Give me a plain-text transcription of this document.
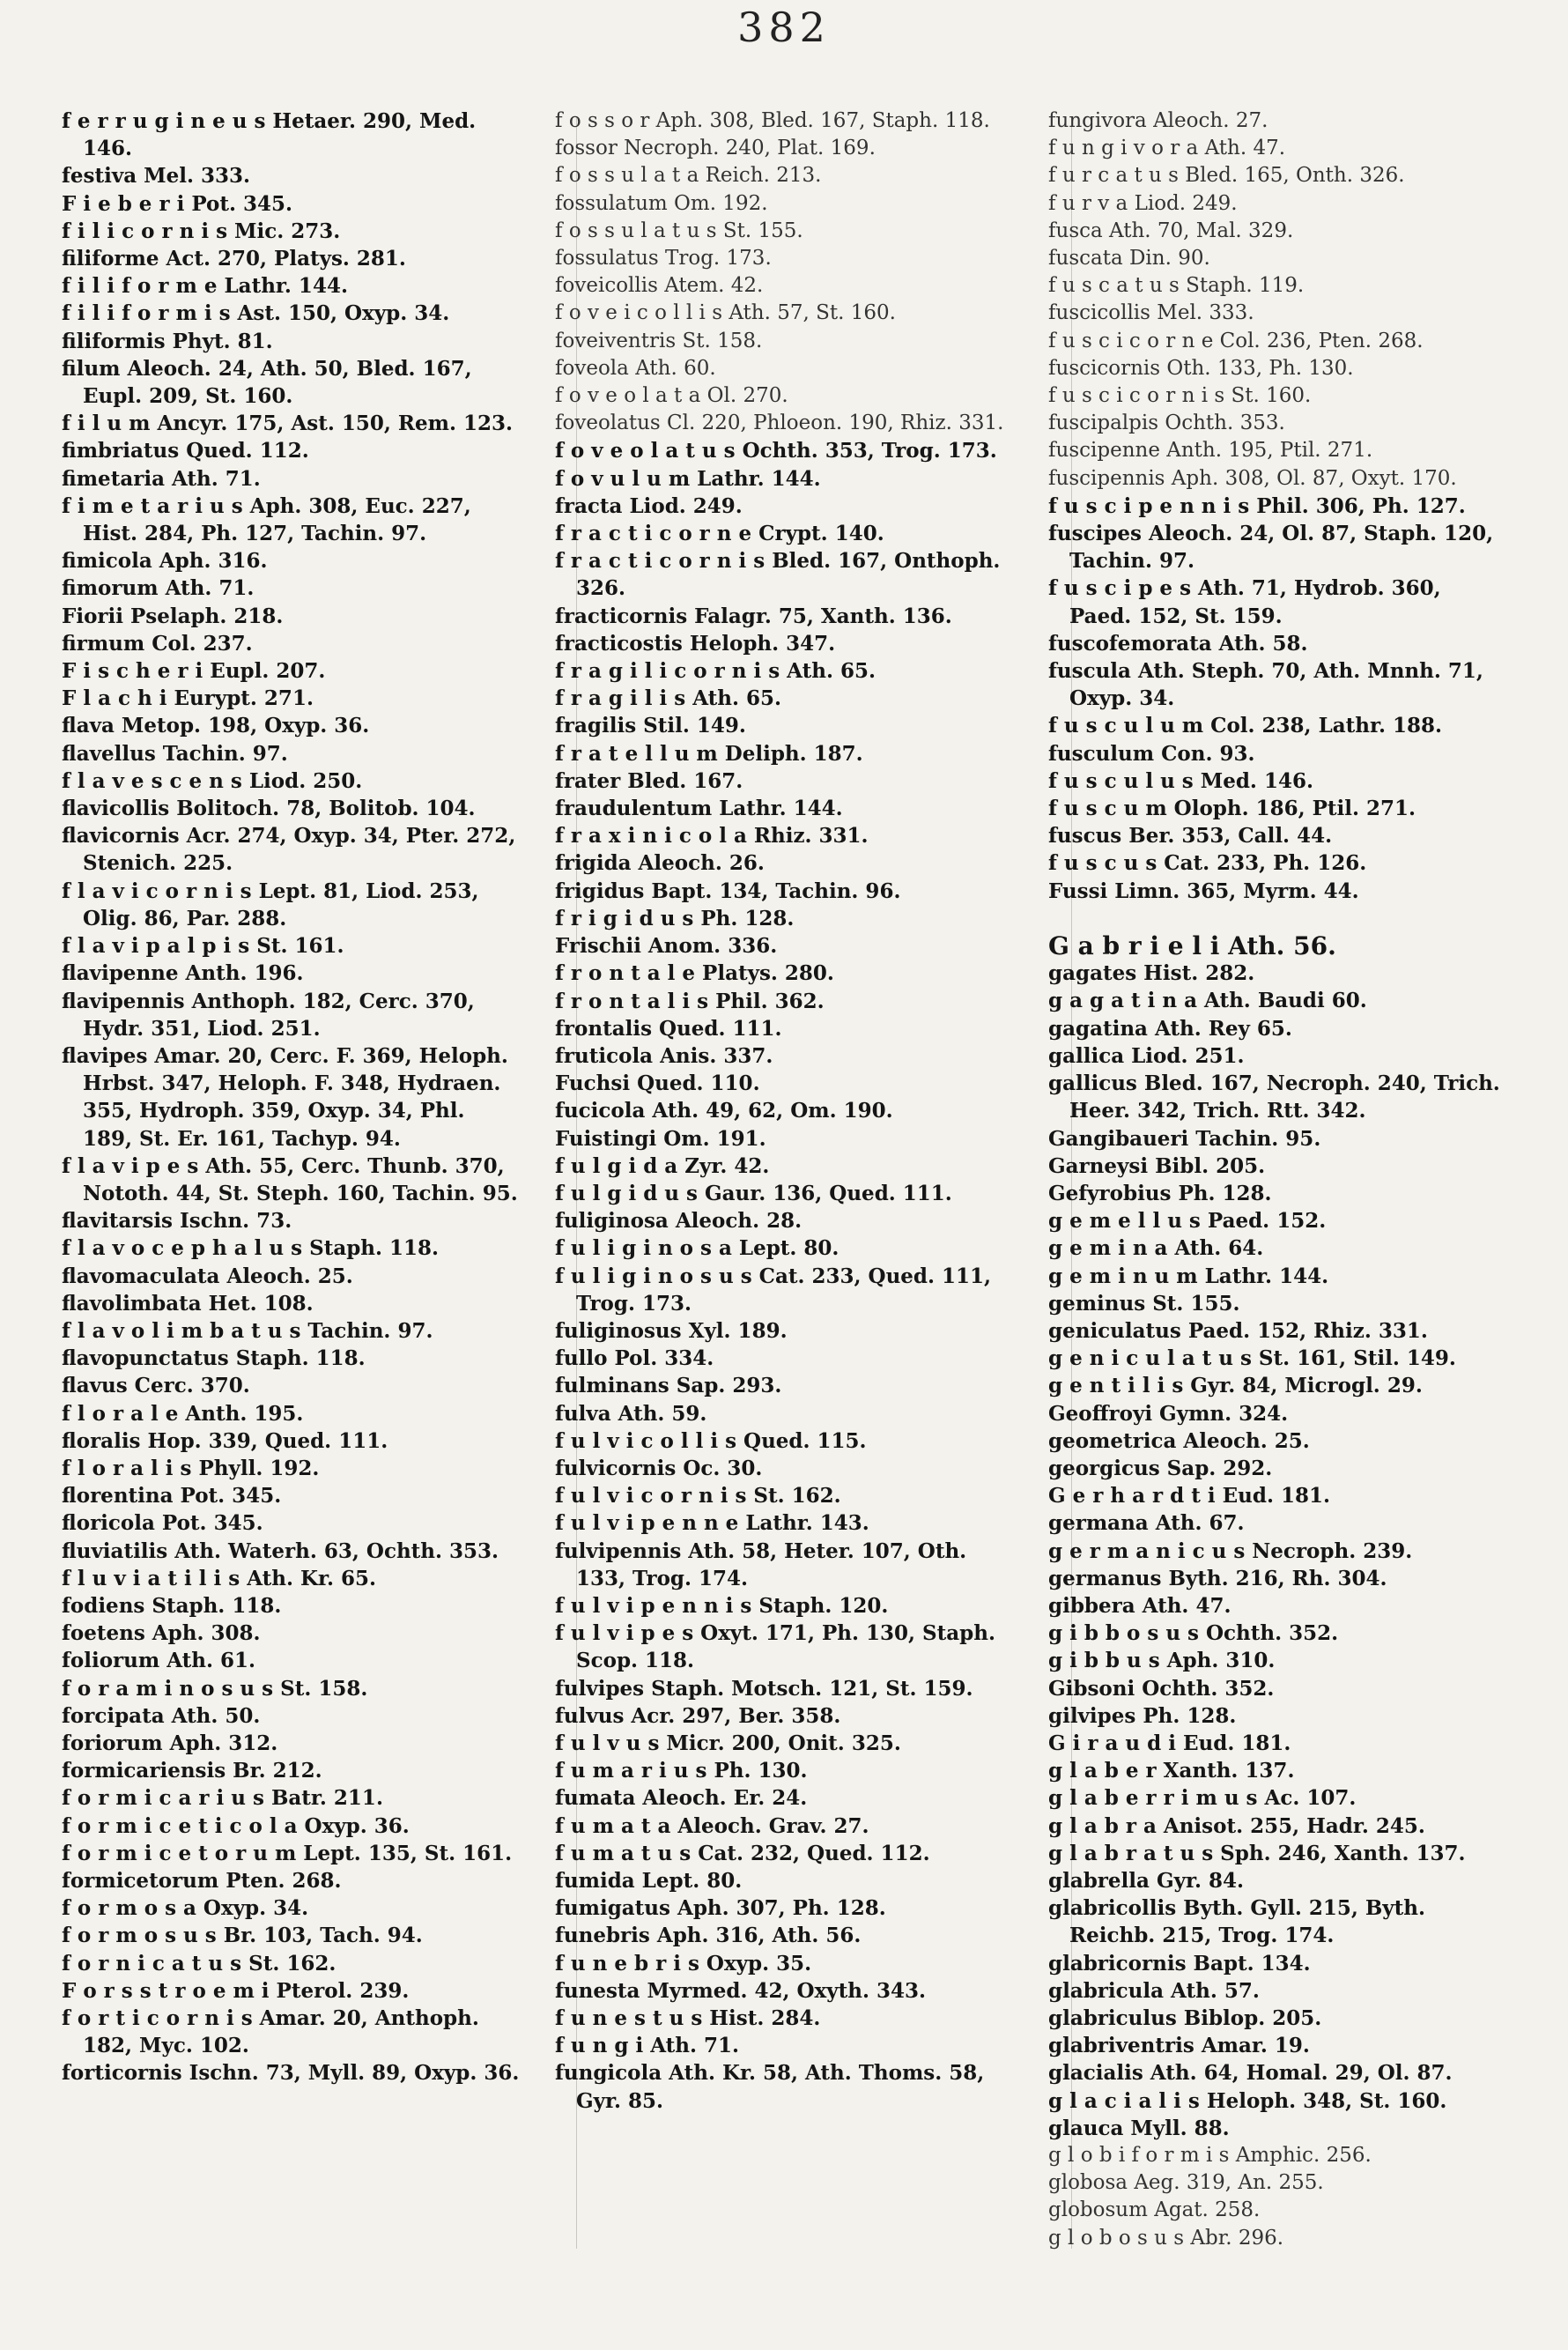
382

f e r r u g i n e u s Hetaer. 290, Med. 146.

festiva Mel. 333.

F i e b e r i Pot. 345.

f i l i c o r n i s Mic. 273.

filiforme Act. 270, Platys. 281.

f i l i f o r m e Lathr. 144.

f i l i f o r m i s Ast. 150, Oxyp. 34.

filiformis Phyt. 81.

filum Aleoch. 24, Ath. 50, Bled. 167, Eupl. 209, St. 160.

f i l u m Ancyr. 175, Ast. 150, Rem. 123.

fimbriatus Qued. 112.

fimetaria Ath. 71.

f i m e t a r i u s Aph. 308, Euc. 227, Hist. 284, Ph. 127, Tachin. 97.

fimicola Aph. 316.

fimorum Ath. 71.

Fiorii Pselaph. 218.

firmum Col. 237.

F i s c h e r i Eupl. 207.

F l a c h i Eurypt. 271.

flava Metop. 198, Oxyp. 36.

flavellus Tachin. 97.

f l a v e s c e n s Liod. 250.

flavicollis Bolitoch. 78, Bolitob. 104.

flavicornis Acr. 274, Oxyp. 34, Pter. 272, Stenich. 225.

f l a v i c o r n i s Lept. 81, Liod. 253, Olig. 86, Par. 288.

f l a v i p a l p i s St. 161.

flavipenne Anth. 196.

flavipennis Anthoph. 182, Cerc. 370, Hydr. 351, Liod. 251.

flavipes Amar. 20, Cerc. F. 369, Heloph. Hrbst. 347, Heloph. F. 348, Hydraen. 355, Hydroph. 359, Oxyp. 34, Phl. 189, St. Er. 161, Tachyp. 94.

f l a v i p e s Ath. 55, Cerc. Thunb. 370, Nototh. 44, St. Steph. 160, Tachin. 95.

flavitarsis Ischn. 73.

f l a v o c e p h a l u s Staph. 118.

flavomaculata Aleoch. 25.

flavolimbata Het. 108.

f l a v o l i m b a t u s Tachin. 97.

flavopunctatus Staph. 118.

flavus Cerc. 370.

f l o r a l e Anth. 195.

floralis Hop. 339, Qued. 111.

f l o r a l i s Phyll. 192.

florentina Pot. 345.

floricola Pot. 345.

fluviatilis Ath. Waterh. 63, Ochth. 353.

f l u v i a t i l i s Ath. Kr. 65.

fodiens Staph. 118.

foetens Aph. 308.

foliorum Ath. 61.

f o r a m i n o s u s St. 158.

forcipata Ath. 50.

foriorum Aph. 312.

formicariensis Br. 212.

f o r m i c a r i u s Batr. 211.

f o r m i c e t i c o l a Oxyp. 36.

f o r m i c e t o r u m Lept. 135, St. 161.

formicetorum Pten. 268.

f o r m o s a Oxyp. 34.

f o r m o s u s Br. 103, Tach. 94.

f o r n i c a t u s St. 162.

F o r s s t r o e m i Pterol. 239.

f o r t i c o r n i s Amar. 20, Anthoph. 182, Myc. 102.

forticornis Ischn. 73, Myll. 89, Oxyp. 36.

f o s s o r Aph. 308, Bled. 167, Staph. 118.

fossor Necroph. 240, Plat. 169.

f o s s u l a t a Reich. 213.

fossulatum Om. 192.

f o s s u l a t u s St. 155.

fossulatus Trog. 173.

foveicollis Atem. 42.

f o v e i c o l l i s Ath. 57, St. 160.

foveiventris St. 158.

foveola Ath. 60.

f o v e o l a t a Ol. 270.

foveolatus Cl. 220, Phloeon. 190, Rhiz. 331.

f o v e o l a t u s Ochth. 353, Trog. 173.

f o v u l u m Lathr. 144.

fracta Liod. 249.

f r a c t i c o r n e Crypt. 140.

f r a c t i c o r n i s Bled. 167, Onthoph. 326.

fracticornis Falagr. 75, Xanth. 136.

fracticostis Heloph. 347.

f r a g i l i c o r n i s Ath. 65.

f r a g i l i s Ath. 65.

fragilis Stil. 149.

f r a t e l l u m Deliph. 187.

frater Bled. 167.

fraudulentum Lathr. 144.

f r a x i n i c o l a Rhiz. 331.

frigida Aleoch. 26.

frigidus Bapt. 134, Tachin. 96.

f r i g i d u s Ph. 128.

Frischii Anom. 336.

f r o n t a l e Platys. 280.

f r o n t a l i s Phil. 362.

frontalis Qued. 111.

fruticola Anis. 337.

Fuchsi Qued. 110.

fucicola Ath. 49, 62, Om. 190.

Fuistingi Om. 191.

f u l g i d a Zyr. 42.

f u l g i d u s Gaur. 136, Qued. 111.

fuliginosa Aleoch. 28.

f u l i g i n o s a Lept. 80.

f u l i g i n o s u s Cat. 233, Qued. 111, Trog. 173.

fuliginosus Xyl. 189.

fullo Pol. 334.

fulminans Sap. 293.

fulva Ath. 59.

f u l v i c o l l i s Qued. 115.

fulvicornis Oc. 30.

f u l v i c o r n i s St. 162.

f u l v i p e n n e Lathr. 143.

fulvipennis Ath. 58, Heter. 107, Oth. 133, Trog. 174.

f u l v i p e n n i s Staph. 120.

f u l v i p e s Oxyt. 171, Ph. 130, Staph. Scop. 118.

fulvipes Staph. Motsch. 121, St. 159.

fulvus Acr. 297, Ber. 358.

f u l v u s Micr. 200, Onit. 325.

f u m a r i u s Ph. 130.

fumata Aleoch. Er. 24.

f u m a t a Aleoch. Grav. 27.

f u m a t u s Cat. 232, Qued. 112.

fumida Lept. 80.

fumigatus Aph. 307, Ph. 128.

funebris Aph. 316, Ath. 56.

f u n e b r i s Oxyp. 35.

funesta Myrmed. 42, Oxyth. 343.

f u n e s t u s Hist. 284.

f u n g i Ath. 71.

fungicola Ath. Kr. 58, Ath. Thoms. 58, Gyr. 85.

fungivora Aleoch. 27.

f u n g i v o r a Ath. 47.

f u r c a t u s Bled. 165, Onth. 326.

f u r v a Liod. 249.

fusca Ath. 70, Mal. 329.

fuscata Din. 90.

f u s c a t u s Staph. 119.

fuscicollis Mel. 333.

f u s c i c o r n e Col. 236, Pten. 268.

fuscicornis Oth. 133, Ph. 130.

f u s c i c o r n i s St. 160.

fuscipalpis Ochth. 353.

fuscipenne Anth. 195, Ptil. 271.

fuscipennis Aph. 308, Ol. 87, Oxyt. 170.

f u s c i p e n n i s Phil. 306, Ph. 127.

fuscipes Aleoch. 24, Ol. 87, Staph. 120, Tachin. 97.

f u s c i p e s Ath. 71, Hydrob. 360, Paed. 152, St. 159.

fuscofemorata Ath. 58.

fuscula Ath. Steph. 70, Ath. Mnnh. 71, Oxyp. 34.

f u s c u l u m Col. 238, Lathr. 188.

fusculum Con. 93.

f u s c u l u s Med. 146.

f u s c u m Oloph. 186, Ptil. 271.

fuscus Ber. 353, Call. 44.

f u s c u s Cat. 233, Ph. 126.

Fussi Limn. 365, Myrm. 44.

G a b r i e l i Ath. 56.

gagates Hist. 282.

g a g a t i n a Ath. Baudi 60.

gagatina Ath. Rey 65.

gallica Liod. 251.

gallicus Bled. 167, Necroph. 240, Trich. Heer. 342, Trich. Rtt. 342.

Gangibaueri Tachin. 95.

Garneysi Bibl. 205.

Gefyrobius Ph. 128.

g e m e l l u s Paed. 152.

g e m i n a Ath. 64.

g e m i n u m Lathr. 144.

geminus St. 155.

geniculatus Paed. 152, Rhiz. 331.

g e n i c u l a t u s St. 161, Stil. 149.

g e n t i l i s Gyr. 84, Microgl. 29.

Geoffroyi Gymn. 324.

geometrica Aleoch. 25.

georgicus Sap. 292.

G e r h a r d t i Eud. 181.

germana Ath. 67.

g e r m a n i c u s Necroph. 239.

germanus Byth. 216, Rh. 304.

gibbera Ath. 47.

g i b b o s u s Ochth. 352.

g i b b u s Aph. 310.

Gibsoni Ochth. 352.

gilvipes Ph. 128.

G i r a u d i Eud. 181.

g l a b e r Xanth. 137.

g l a b e r r i m u s Ac. 107.

g l a b r a Anisot. 255, Hadr. 245.

g l a b r a t u s Sph. 246, Xanth. 137.

glabrella Gyr. 84.

glabricollis Byth. Gyll. 215, Byth. Reichb. 215, Trog. 174.

glabricornis Bapt. 134.

glabricula Ath. 57.

glabriculus Biblop. 205.

glabriventris Amar. 19.

glacialis Ath. 64, Homal. 29, Ol. 87.

g l a c i a l i s Heloph. 348, St. 160.

glauca Myll. 88.

g l o b i f o r m i s Amphic. 256.

globosa Aeg. 319, An. 255.

globosum Agat. 258.

g l o b o s u s Abr. 296.
